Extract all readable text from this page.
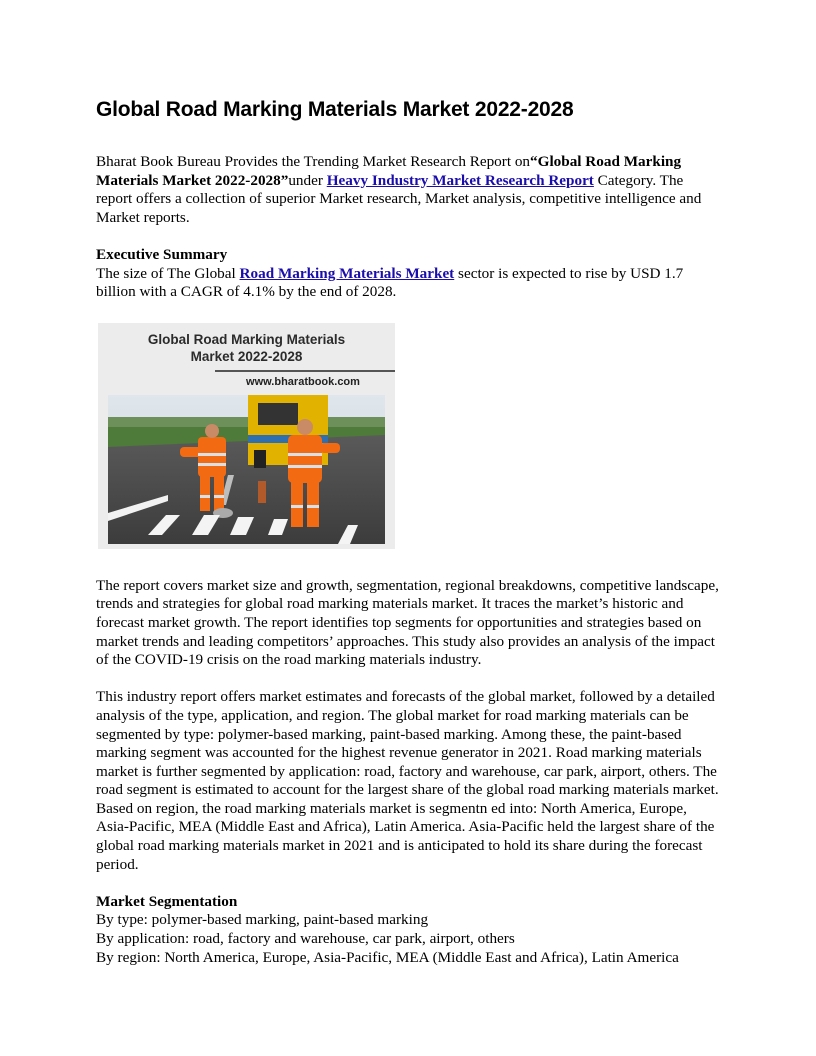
Global Road Marking Materials Market 2022-2028

Bharat Book Bureau Provides the Trending Market Research Report on“Global Road Marking Materials Market 2022-2028”under Heavy Industry Market Research Report Category. The report offers a collection of superior Market research, Market analysis, competitive intelligence and Market reports.

Executive Summary

The size of The Global Road Marking Materials Market sector is expected to rise by USD 1.7 billion with a CAGR of 4.1% by the end of 2028.

Global Road Marking Materials
Market 2022-2028
www.bharatbook.com

The report covers market size and growth, segmentation, regional breakdowns, competitive landscape, trends and strategies for global road marking materials market. It traces the market’s historic and forecast market growth. The report identifies top segments for opportunities and strategies based on market trends and leading competitors’ approaches. This study also provides an analysis of the impact of the COVID-19 crisis on the road marking materials industry.

This industry report offers market estimates and forecasts of the global market, followed by a detailed analysis of the type, application, and region. The global market for road marking materials can be segmented by type: polymer-based marking, paint-based marking. Among these, the paint-based marking segment was accounted for the highest revenue generator in 2021. Road marking materials market is further segmented by application: road, factory and warehouse, car park, airport, others. The road segment is estimated to account for the largest share of the global road marking materials market. Based on region, the road marking materials market is segmentn ed into: North America, Europe, Asia-Pacific, MEA (Middle East and Africa), Latin America. Asia-Pacific held the largest share of the global road marking materials market in 2021 and is anticipated to hold its share during the forecast period.

Market Segmentation

By type: polymer-based marking, paint-based marking

By application: road, factory and warehouse, car park, airport, others

By region: North America, Europe, Asia-Pacific, MEA (Middle East and Africa), Latin America
